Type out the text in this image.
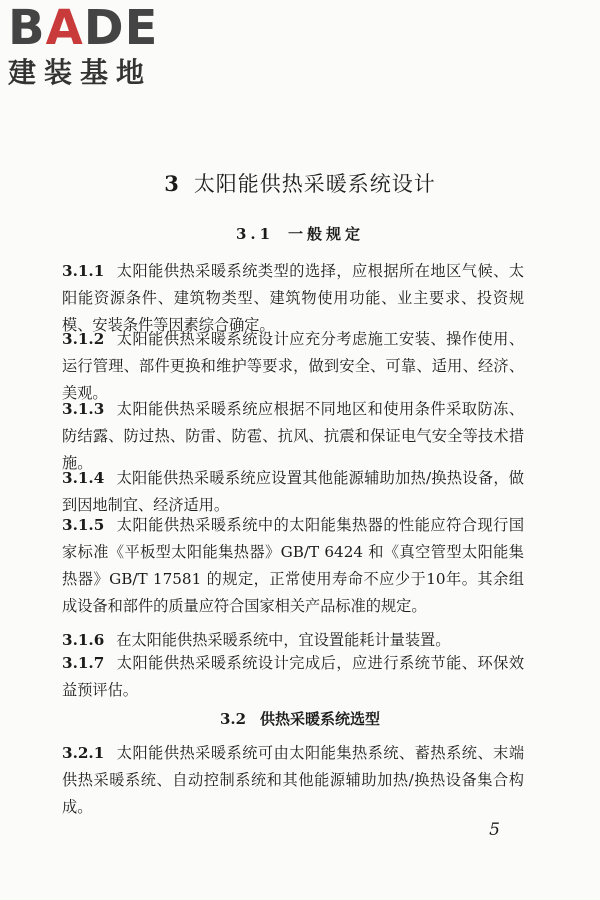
BADE
建装基地
3 太阳能供热采暖系统设计
3.1 一般规定

3.1.1 太阳能供热采暖系统类型的选择，应根据所在地区气候、太阳能资源条件、建筑物类型、建筑物使用功能、业主要求、投资规模、安装条件等因素综合确定。

3.1.2 太阳能供热采暖系统设计应充分考虑施工安装、操作使用、运行管理、部件更换和维护等要求，做到安全、可靠、适用、经济、美观。

3.1.3 太阳能供热采暖系统应根据不同地区和使用条件采取防冻、防结露、防过热、防雷、防雹、抗风、抗震和保证电气安全等技术措施。

3.1.4 太阳能供热采暖系统应设置其他能源辅助加热/换热设备，做到因地制宜、经济适用。

3.1.5 太阳能供热采暖系统中的太阳能集热器的性能应符合现行国家标准《平板型太阳能集热器》GB/T 6424 和《真空管型太阳能集热器》GB/T 17581 的规定，正常使用寿命不应少于10年。其余组成设备和部件的质量应符合国家相关产品标准的规定。

3.1.6 在太阳能供热采暖系统中，宜设置能耗计量装置。

3.1.7 太阳能供热采暖系统设计完成后，应进行系统节能、环保效益预评估。

3.2 供热采暖系统选型

3.2.1 太阳能供热采暖系统可由太阳能集热系统、蓄热系统、末端供热采暖系统、自动控制系统和其他能源辅助加热/换热设备集合构成。

5
